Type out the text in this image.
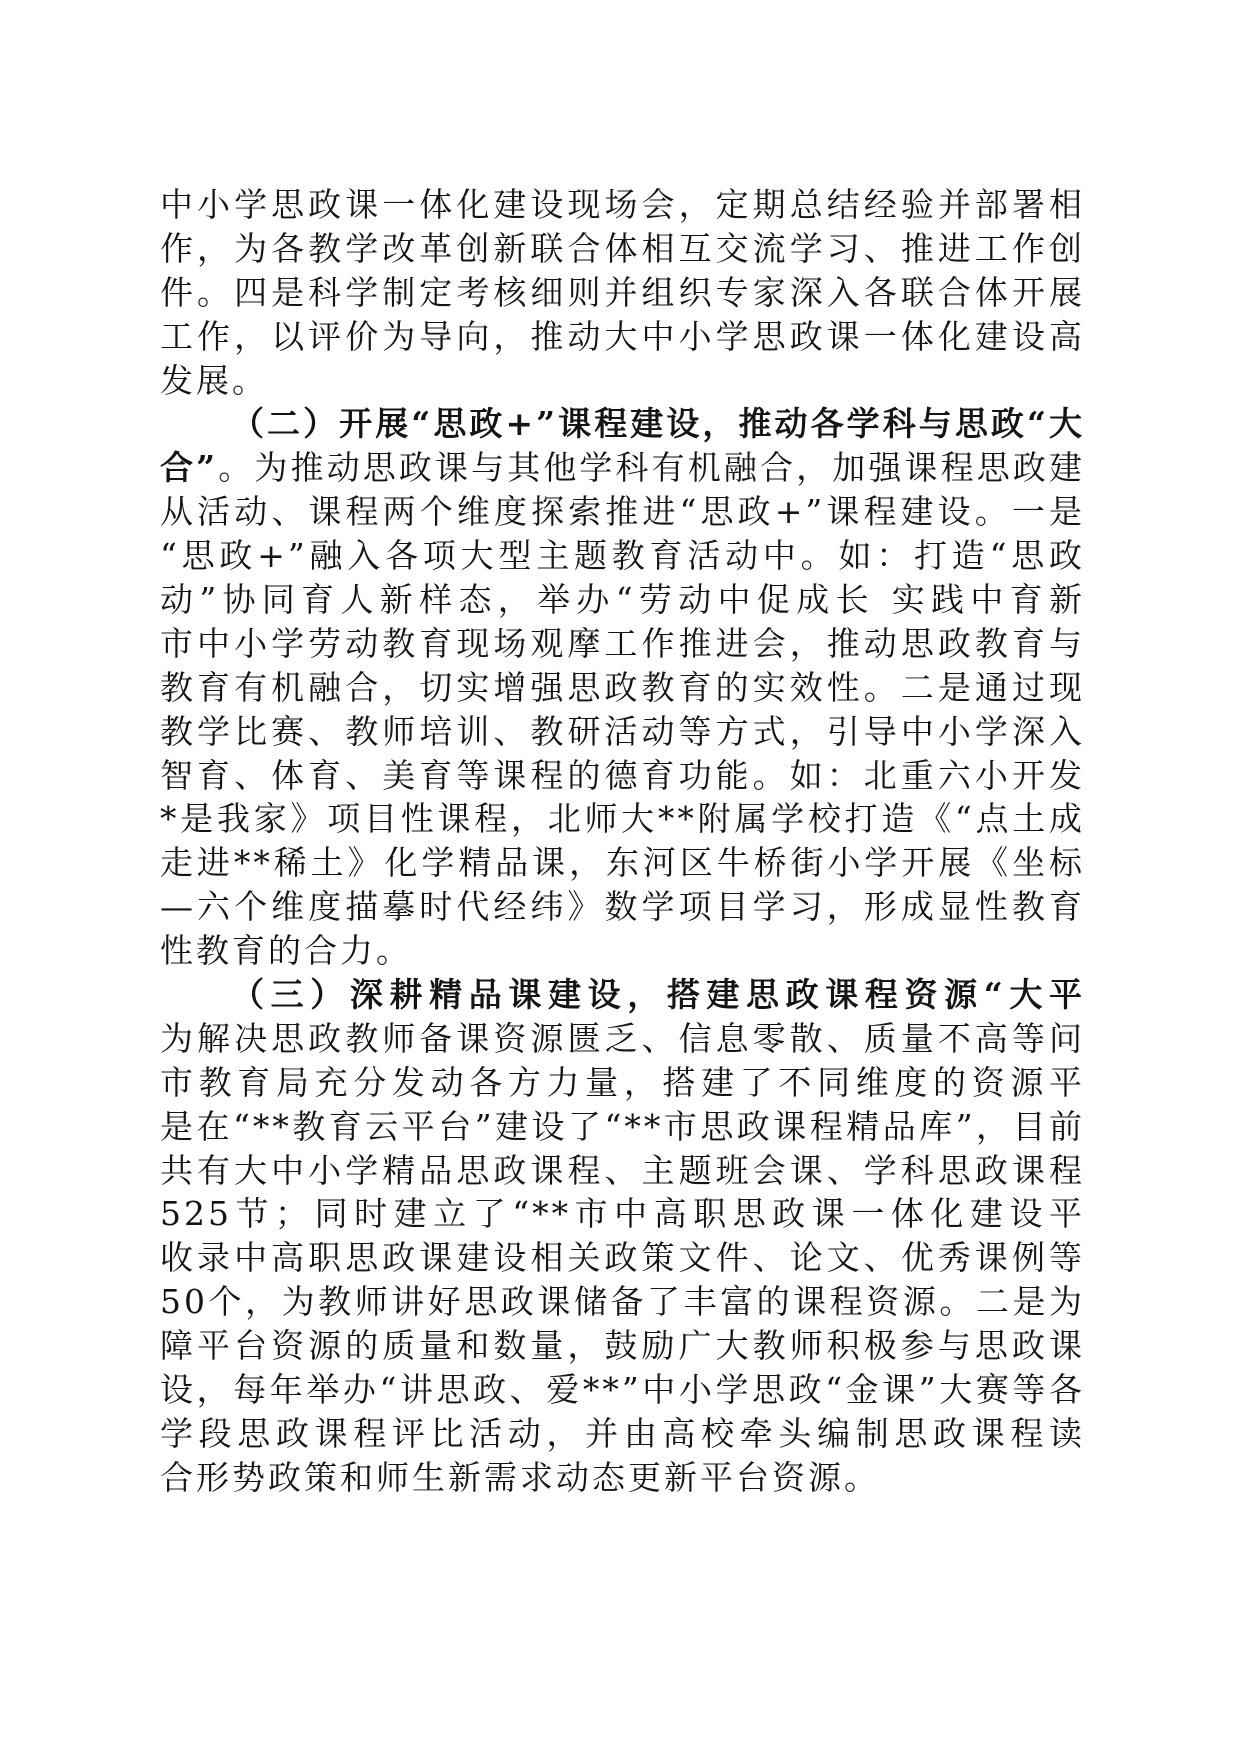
中小学思政课一体化建设现场会，定期总结经验并部署相
作，为各教学改革创新联合体相互交流学习、推进工作创
件。四是科学制定考核细则并组织专家深入各联合体开展
工作，以评价为导向，推动大中小学思政课一体化建设高
发展。
（二）开展“思政+”课程建设，推动各学科与思政“大
合”。为推动思政课与其他学科有机融合，加强课程思政建
从活动、课程两个维度探索推进“思政+”课程建设。一是
“思政+”融入各项大型主题教育活动中。如：打造“思政
动”协同育人新样态，举办“劳动中促成长 实践中育新
市中小学劳动教育现场观摩工作推进会，推动思政教育与
教育有机融合，切实增强思政教育的实效性。二是通过现
教学比赛、教师培训、教研活动等方式，引导中小学深入
智育、体育、美育等课程的德育功能。如：北重六小开发
*是我家》项目性课程，北师大**附属学校打造《“点土成
走进**稀土》化学精品课，东河区牛桥街小学开展《坐标
—六个维度描摹时代经纬》数学项目学习，形成显性教育
性教育的合力。
（三）深耕精品课建设，搭建思政课程资源“大平
为解决思政教师备课资源匮乏、信息零散、质量不高等问
市教育局充分发动各方力量，搭建了不同维度的资源平
是在“**教育云平台”建设了“**市思政课程精品库”，目前
共有大中小学精品思政课程、主题班会课、学科思政课程
525节；同时建立了“**市中高职思政课一体化建设平
收录中高职思政课建设相关政策文件、论文、优秀课例等
50个，为教师讲好思政课储备了丰富的课程资源。二是为
障平台资源的质量和数量，鼓励广大教师积极参与思政课
设，每年举办“讲思政、爱**”中小学思政“金课”大赛等各
学段思政课程评比活动，并由高校牵头编制思政课程读
合形势政策和师生新需求动态更新平台资源。
